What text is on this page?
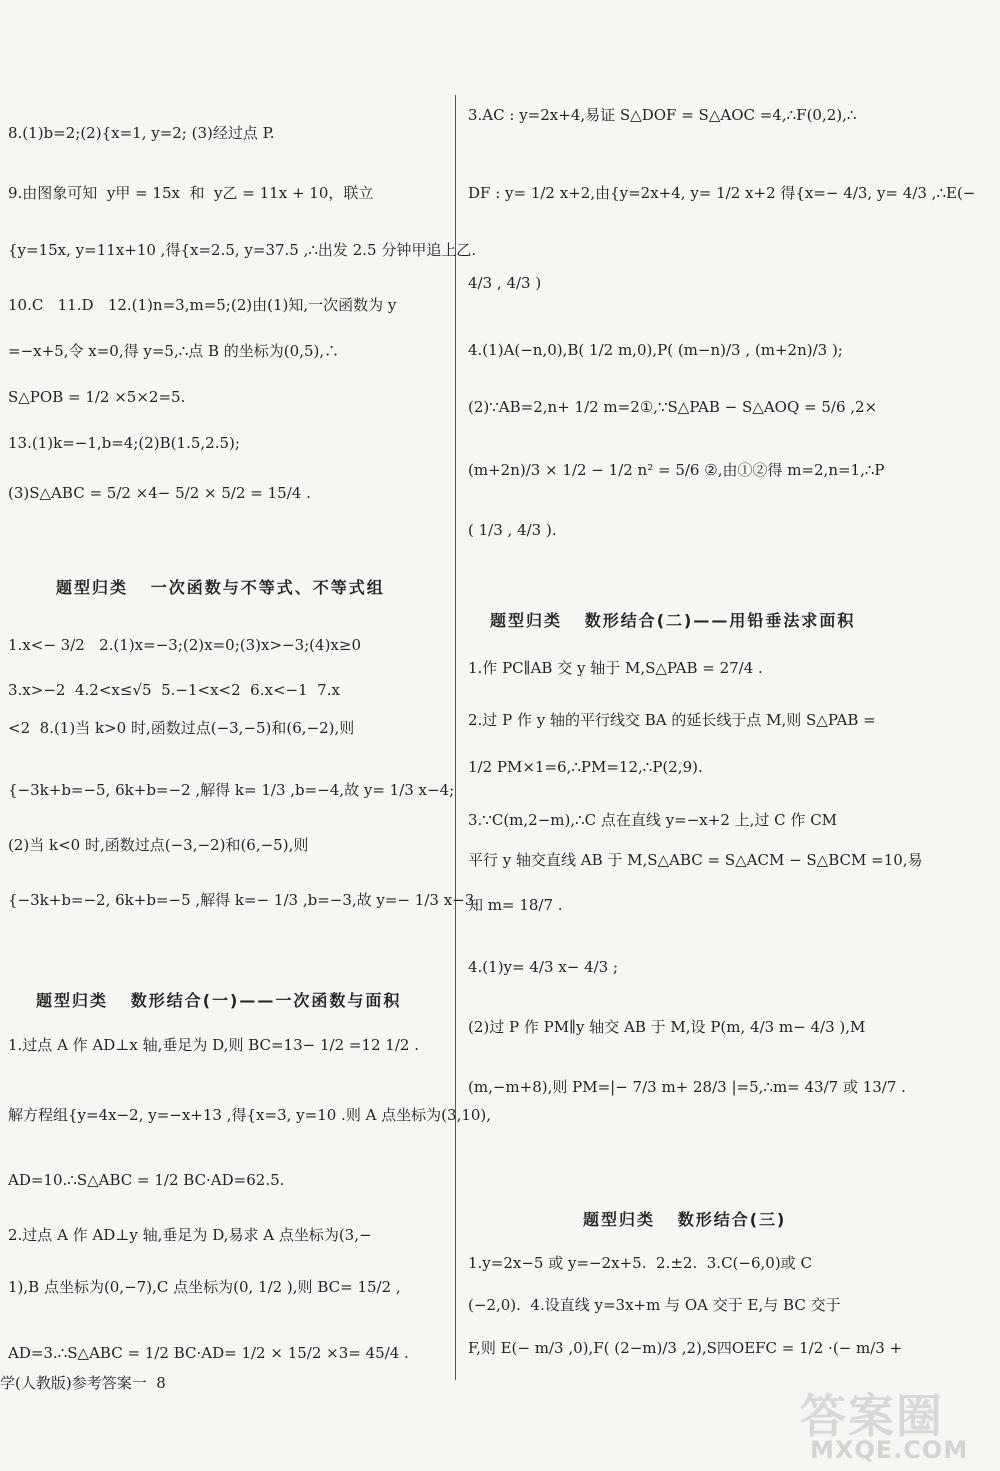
8.(1)b=2;(2){x=1, y=2; (3)经过点 P.
9.由图象可知  y甲 = 15x  和  y乙 = 11x + 10，联立
{y=15x, y=11x+10 ,得{x=2.5, y=37.5 ,∴出发 2.5 分钟甲追上乙.
10.C   11.D   12.(1)n=3,m=5;(2)由(1)知,一次函数为 y
=−x+5,令 x=0,得 y=5,∴点 B 的坐标为(0,5),∴
S△POB = 1/2 ×5×2=5.
13.(1)k=−1,b=4;(2)B(1.5,2.5);
(3)S△ABC = 5/2 ×4− 5/2 × 5/2 = 15/4 .
题型归类   一次函数与不等式、不等式组
1.x<− 3/2   2.(1)x=−3;(2)x=0;(3)x>−3;(4)x≥0
3.x>−2  4.2<x≤√5  5.−1<x<2  6.x<−1  7.x
<2  8.(1)当 k>0 时,函数过点(−3,−5)和(6,−2),则
{−3k+b=−5, 6k+b=−2 ,解得 k= 1/3 ,b=−4,故 y= 1/3 x−4;
(2)当 k<0 时,函数过点(−3,−2)和(6,−5),则
{−3k+b=−2, 6k+b=−5 ,解得 k=− 1/3 ,b=−3,故 y=− 1/3 x−3.
题型归类   数形结合(一)——一次函数与面积
1.过点 A 作 AD⊥x 轴,垂足为 D,则 BC=13− 1/2 =12 1/2 .
解方程组{y=4x−2, y=−x+13 ,得{x=3, y=10 .则 A 点坐标为(3,10),
AD=10.∴S△ABC = 1/2 BC·AD=62.5.
2.过点 A 作 AD⊥y 轴,垂足为 D,易求 A 点坐标为(3,−
1),B 点坐标为(0,−7),C 点坐标为(0, 1/2 ),则 BC= 15/2 ,
AD=3.∴S△ABC = 1/2 BC·AD= 1/2 × 15/2 ×3= 45/4 .
3.AC : y=2x+4,易证 S△DOF = S△AOC =4,∴F(0,2),∴
DF : y= 1/2 x+2,由{y=2x+4, y= 1/2 x+2 得{x=− 4/3, y= 4/3 ,∴E(−
4/3 , 4/3 )
4.(1)A(−n,0),B( 1/2 m,0),P( (m−n)/3 , (m+2n)/3 );
(2)∵AB=2,n+ 1/2 m=2①,∵S△PAB − S△AOQ = 5/6 ,2×
(m+2n)/3 × 1/2 − 1/2 n² = 5/6 ②,由①②得 m=2,n=1,∴P
( 1/3 , 4/3 ).
题型归类   数形结合(二)——用铅垂法求面积
1.作 PC∥AB 交 y 轴于 M,S△PAB = 27/4 .
2.过 P 作 y 轴的平行线交 BA 的延长线于点 M,则 S△PAB =
1/2 PM×1=6,∴PM=12,∴P(2,9).
3.∵C(m,2−m),∴C 点在直线 y=−x+2 上,过 C 作 CM
平行 y 轴交直线 AB 于 M,S△ABC = S△ACM − S△BCM =10,易
知 m= 18/7 .
4.(1)y= 4/3 x− 4/3 ;
(2)过 P 作 PM∥y 轴交 AB 于 M,设 P(m, 4/3 m− 4/3 ),M
(m,−m+8),则 PM=|− 7/3 m+ 28/3 |=5,∴m= 43/7 或 13/7 .
题型归类   数形结合(三)
1.y=2x−5 或 y=−2x+5.  2.±2.  3.C(−6,0)或 C
(−2,0).  4.设直线 y=3x+m 与 OA 交于 E,与 BC 交于
F,则 E(− m/3 ,0),F( (2−m)/3 ,2),S四OEFC = 1/2 ·(− m/3 +
学(人教版)参考答案一  8
答案圈
MXQE.COM
